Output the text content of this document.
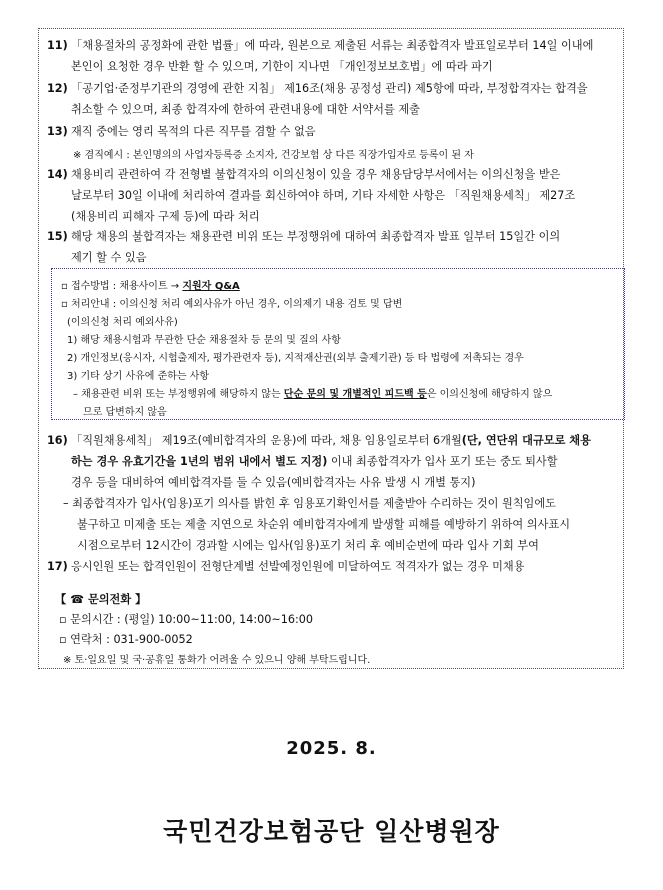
11) 「채용절차의 공정화에 관한 법률」에 따라, 원본으로 제출된 서류는 최종합격자 발표일로부터 14일 이내에
본인이 요청한 경우 반환 할 수 있으며, 기한이 지나면 「개인정보보호법」에 따라 파기
12) 「공기업·준정부기관의 경영에 관한 지침」 제16조(채용 공정성 관리) 제5항에 따라, 부정합격자는 합격을
취소할 수 있으며, 최종 합격자에 한하여 관련내용에 대한 서약서를 제출
13) 재직 중에는 영리 목적의 다른 직무를 겸할 수 없음
※ 겸직예시 : 본인명의의 사업자등록증 소지자, 건강보험 상 다른 직장가입자로 등록이 된 자
14) 채용비리 관련하여 각 전형별 불합격자의 이의신청이 있을 경우 채용담당부서에서는 이의신청을 받은
날로부터 30일 이내에 처리하여 결과를 회신하여야 하며, 기타 자세한 사항은 「직원채용세칙」 제27조
(채용비리 피해자 구제 등)에 따라 처리
15) 해당 채용의 불합격자는 채용관련 비위 또는 부정행위에 대하여 최종합격자 발표 일부터 15일간 이의
제기 할 수 있음
▫ 접수방법 : 채용사이트 → 지원자 Q&A
▫ 처리안내 : 이의신청 처리 예외사유가 아닌 경우, 이의제기 내용 검토 및 답변
(이의신청 처리 예외사유)
1) 해당 채용시험과 무관한 단순 채용절차 등 문의 및 질의 사항
2) 개인정보(응시자, 시험출제자, 평가관련자 등), 지적재산권(외부 출제기관) 등 타 법령에 저촉되는 경우
3) 기타 상기 사유에 준하는 사항
– 채용관련 비위 또는 부정행위에 해당하지 않는 단순 문의 및 개별적인 피드백 등은 이의신청에 해당하지 않으
므로 답변하지 않음
16) 「직원채용세칙」 제19조(예비합격자의 운용)에 따라, 채용 임용일로부터 6개월(단, 연단위 대규모로 채용
하는 경우 유효기간을 1년의 범위 내에서 별도 지정) 이내 최종합격자가 입사 포기 또는 중도 퇴사할
경우 등을 대비하여 예비합격자를 둘 수 있음(예비합격자는 사유 발생 시 개별 통지)
– 최종합격자가 입사(임용)포기 의사를 밝힌 후 임용포기확인서를 제출받아 수리하는 것이 원칙임에도
불구하고 미제출 또는 제출 지연으로 차순위 예비합격자에게 발생할 피해를 예방하기 위하여 의사표시
시점으로부터 12시간이 경과할 시에는 입사(임용)포기 처리 후 예비순번에 따라 입사 기회 부여
17) 응시인원 또는 합격인원이 전형단계별 선발예정인원에 미달하여도 적격자가 없는 경우 미채용
【 ☎ 문의전화 】
▫ 문의시간 : (평일) 10:00~11:00, 14:00~16:00
▫ 연락처 : 031-900-0052
※ 토·일요일 및 국·공휴일 통화가 어려울 수 있으니 양해 부탁드립니다.
2025. 8.
국민건강보험공단 일산병원장
